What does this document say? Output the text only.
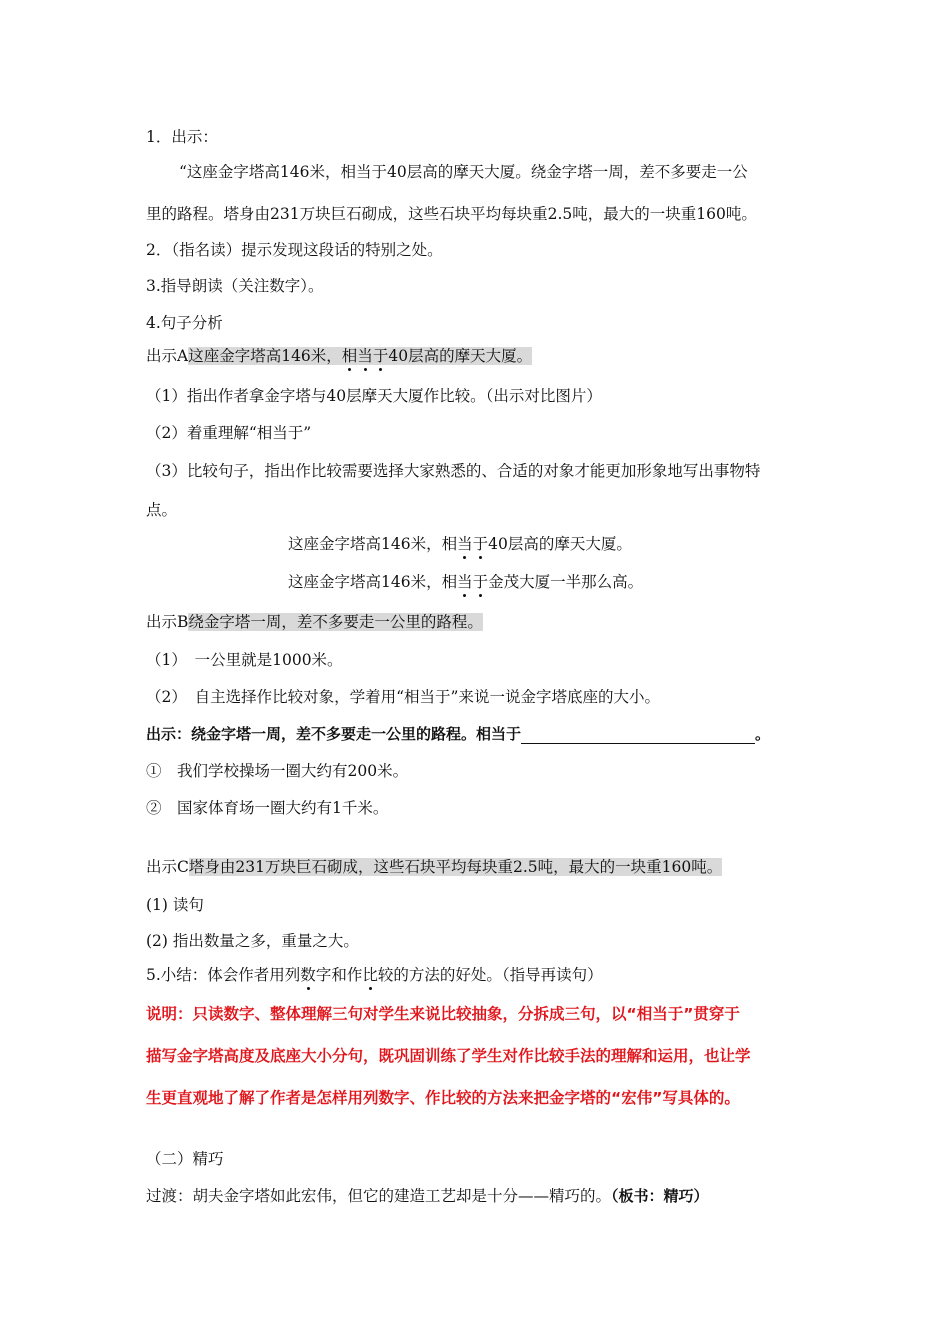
1．出示：
“这座金字塔高146米，相当于40层高的摩天大厦。绕金字塔一周，差不多要走一公
里的路程。塔身由231万块巨石砌成，这些石块平均每块重2.5吨，最大的一块重160吨。
2．（指名读）提示发现这段话的特别之处。
3.指导朗读（关注数字）。
4.句子分析
出示A这座金字塔高146米，相当于40层高的摩天大厦。
（1）指出作者拿金字塔与40层摩天大厦作比较。（出示对比图片）
（2）着重理解“相当于”
（3）比较句子，指出作比较需要选择大家熟悉的、合适的对象才能更加形象地写出事物特
点。
这座金字塔高146米，相当于40层高的摩天大厦。
这座金字塔高146米，相当于金茂大厦一半那么高。
出示B绕金字塔一周，差不多要走一公里的路程。
（1）　一公里就是1000米。
（2）　自主选择作比较对象，学着用“相当于”来说一说金字塔底座的大小。
出示：绕金字塔一周，差不多要走一公里的路程。相当于	。
①　我们学校操场一圈大约有200米。
②　国家体育场一圈大约有1千米。
出示C塔身由231万块巨石砌成，这些石块平均每块重2.5吨，最大的一块重160吨。
(1) 读句
(2) 指出数量之多，重量之大。
5.小结：体会作者用列数字和作比较的方法的好处。（指导再读句）
说明：只读数字、整体理解三句对学生来说比较抽象，分拆成三句，以“相当于”贯穿于
描写金字塔高度及底座大小分句，既巩固训练了学生对作比较手法的理解和运用，也让学
生更直观地了解了作者是怎样用列数字、作比较的方法来把金字塔的“宏伟”写具体的。
（二）精巧
过渡：胡夫金字塔如此宏伟，但它的建造工艺却是十分——精巧的。（板书：精巧）
